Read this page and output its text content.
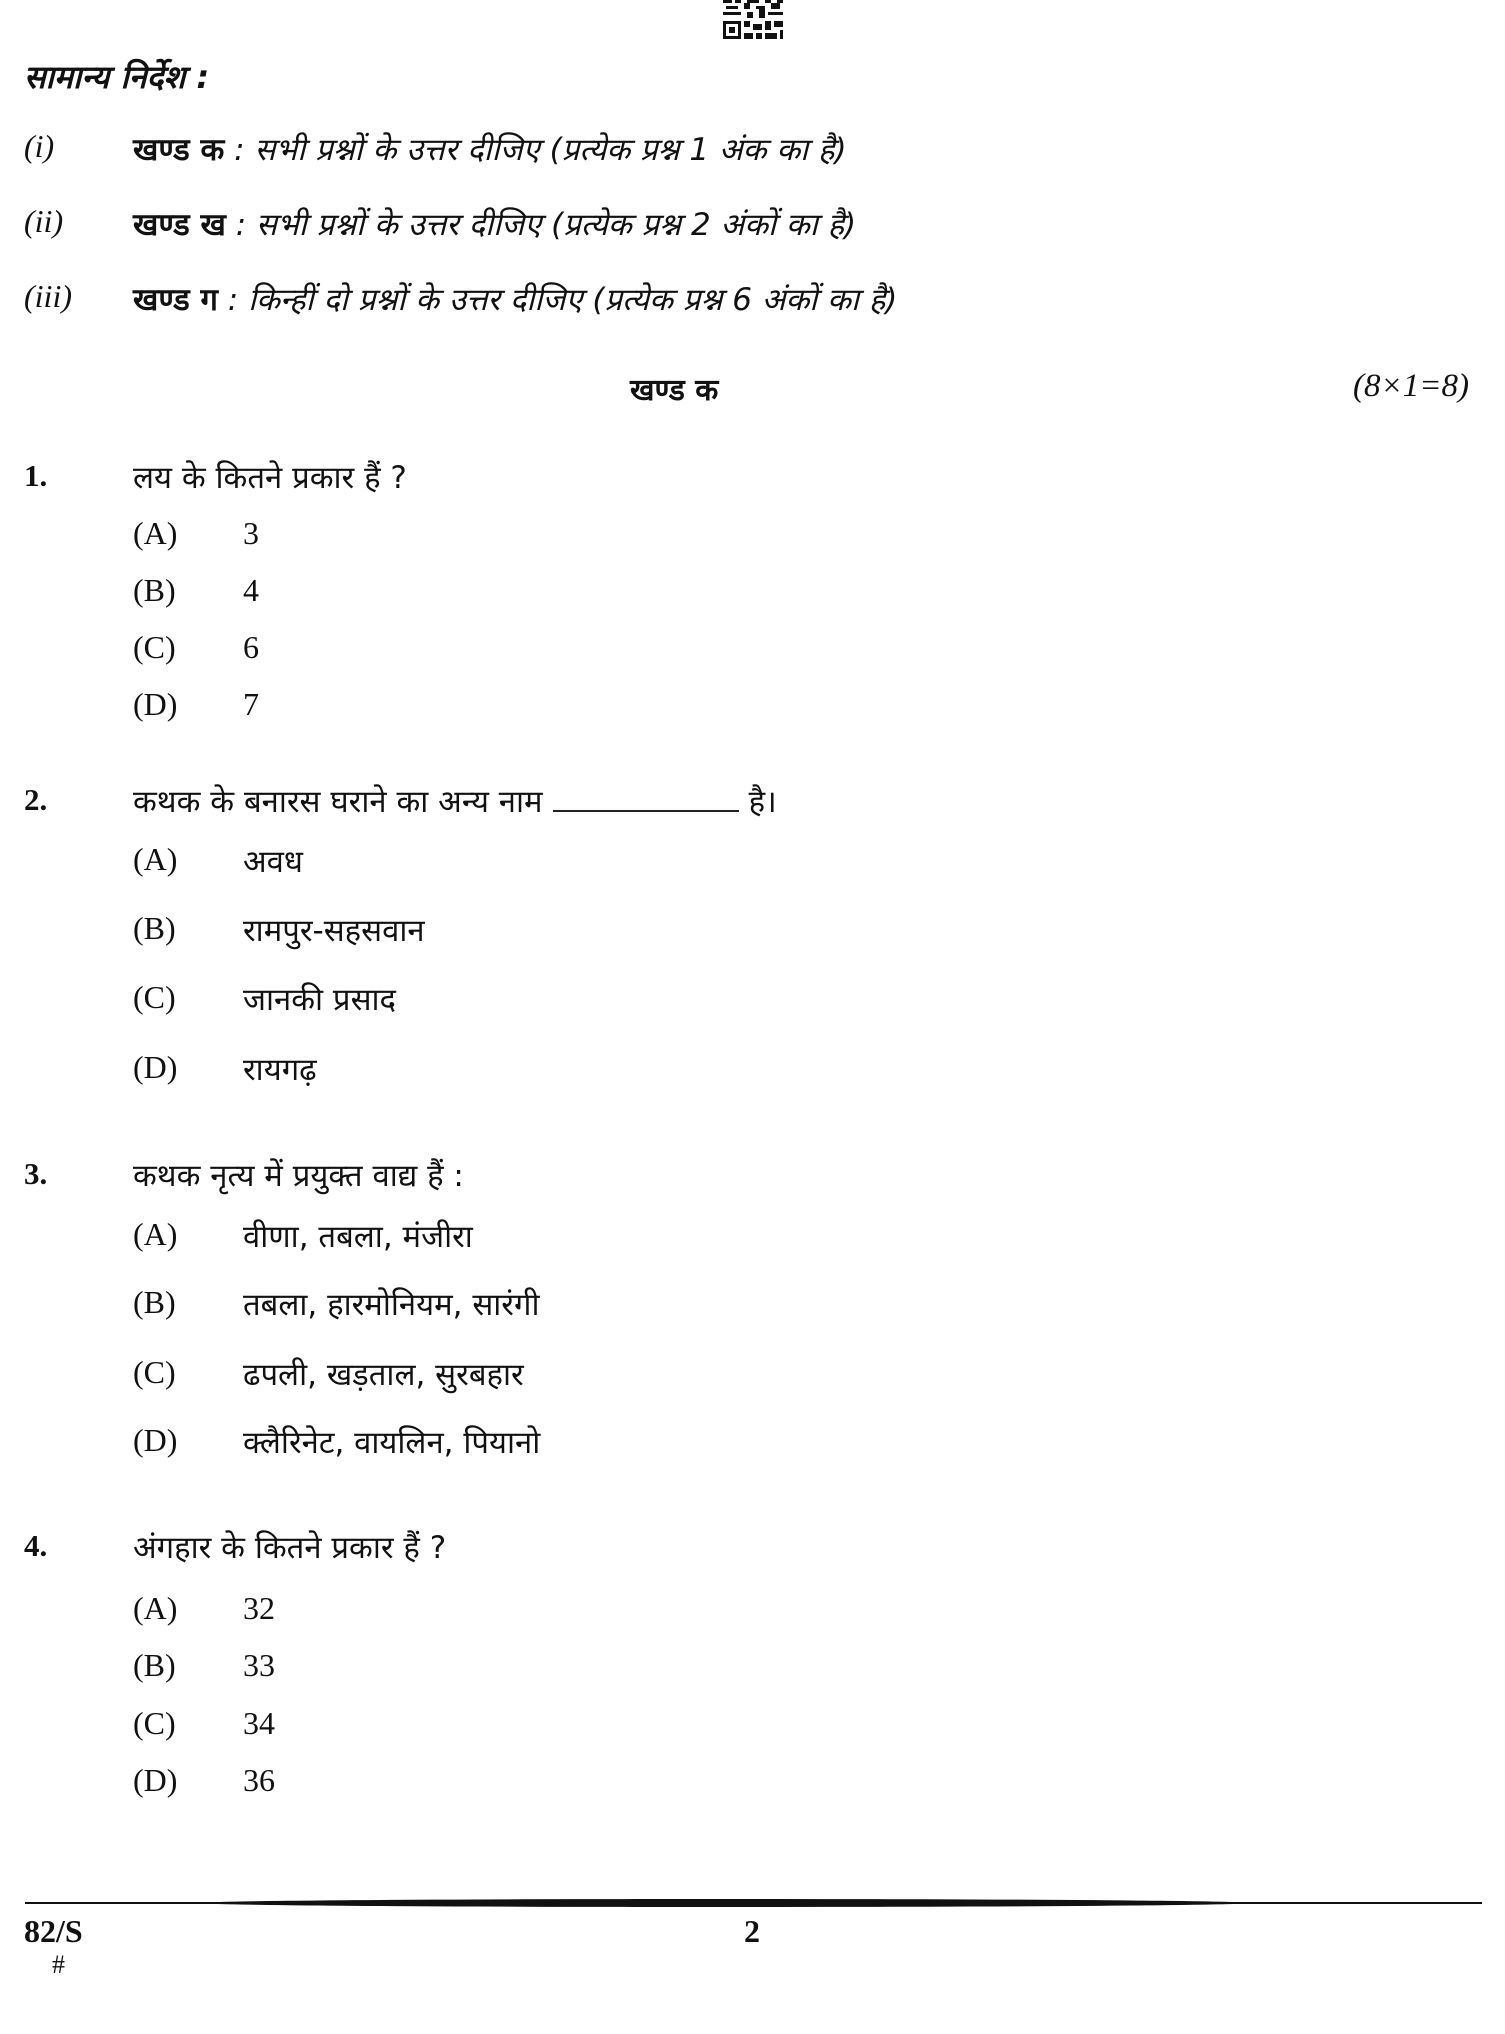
सामान्य निर्देश :
(i)	खण्ड क : सभी प्रश्नों के उत्तर दीजिए (प्रत्येक प्रश्न 1 अंक का है)
(ii) खण्ड ख : सभी प्रश्नों के उत्तर दीजिए (प्रत्येक प्रश्न 2 अंकों का है)
(iii) खण्ड ग : किन्हीं दो प्रश्नों के उत्तर दीजिए (प्रत्येक प्रश्न 6 अंकों का है)
खण्ड क	(8×1=8)
1.	लय के कितने प्रकार हैं ?
(A) 3
(B) 4
(C) 6
(D) 7
2.	कथक के बनारस घराने का अन्य नाम	है।
(A) अवध
(B) रामपुर-सहसवान
(C) जानकी प्रसाद
(D) रायगढ़
3.	कथक नृत्य में प्रयुक्त वाद्य हैं :
(A) वीणा, तबला, मंजीरा
(B) तबला, हारमोनियम, सारंगी
(C) ढपली, खड़ताल, सुरबहार
(D) क्लैरिनेट, वायलिन, पियानो
4.	अंगहार के कितने प्रकार हैं ?
(A) 32
(B) 33
(C) 34
(D) 36
82/S
#
2
